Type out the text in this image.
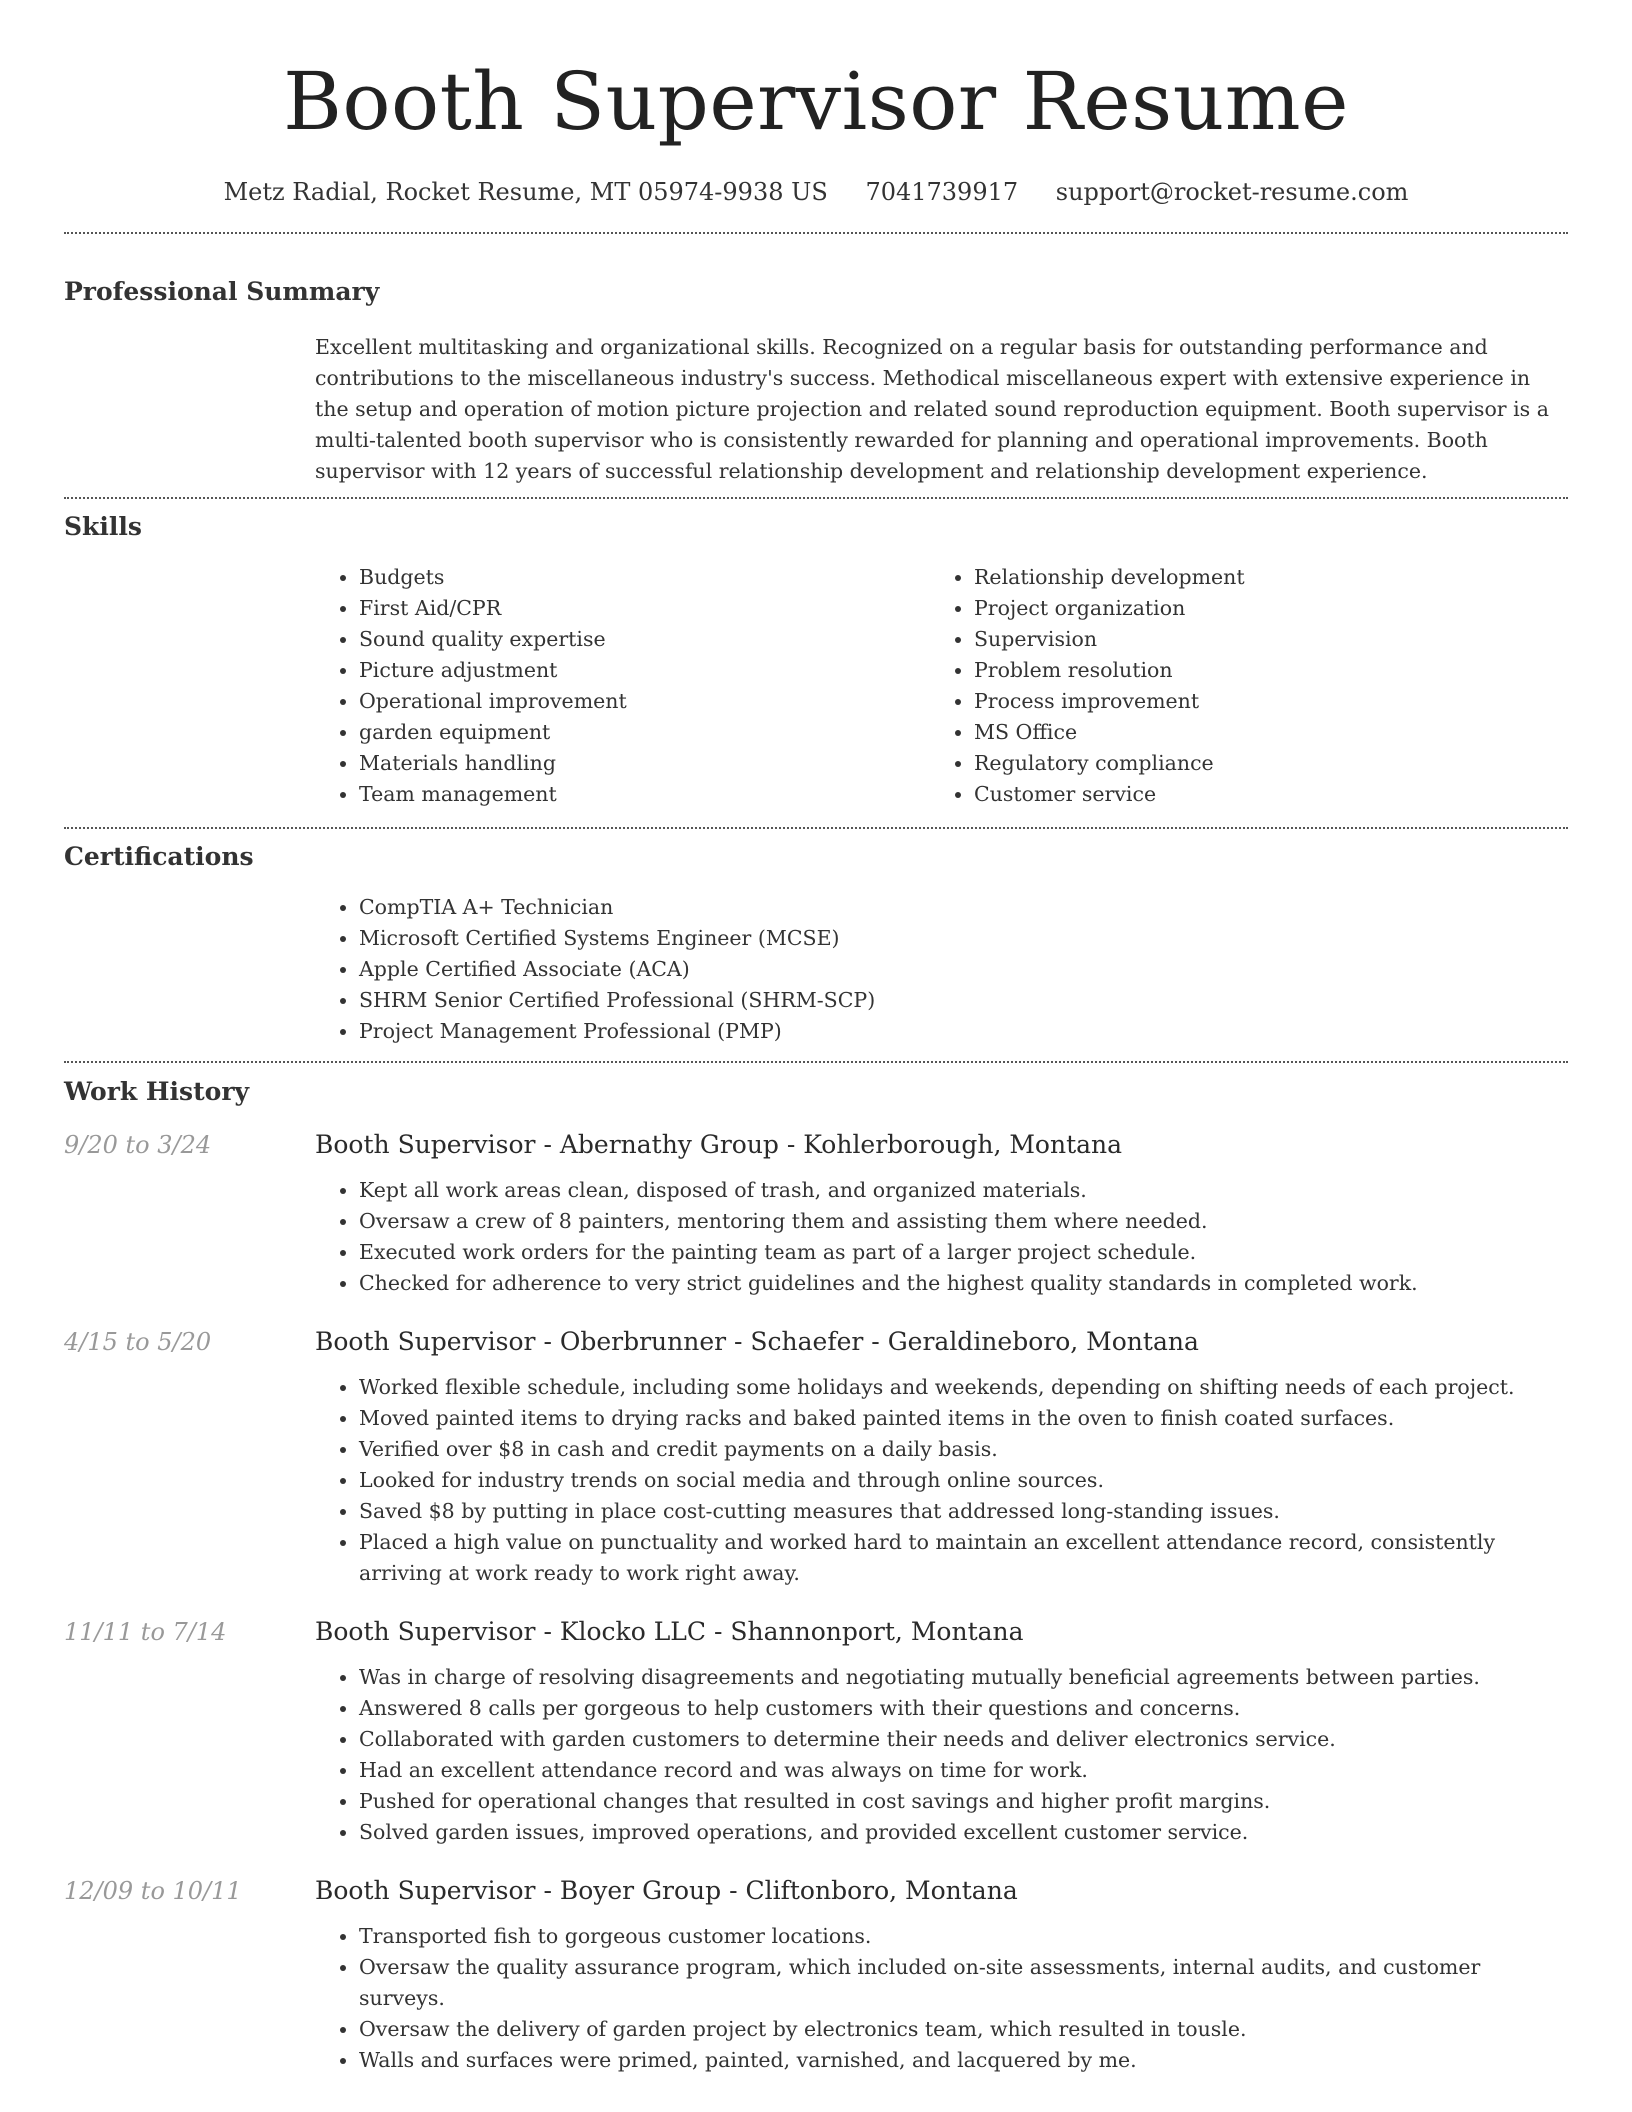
Booth Supervisor Resume
Metz Radial, Rocket Resume, MT 05974-9938 US 7041739917 support@rocket-resume.com
Professional Summary

Excellent multitasking and organizational skills. Recognized on a regular basis for outstanding performance and contributions to the miscellaneous industry's success. Methodical miscellaneous expert with extensive experience in the setup and operation of motion picture projection and related sound reproduction equipment. Booth supervisor is a multi-talented booth supervisor who is consistently rewarded for planning and operational improvements. Booth supervisor with 12 years of successful relationship development and relationship development experience.

Skills
• Budgets
• First Aid/CPR
• Sound quality expertise
• Picture adjustment
• Operational improvement
• garden equipment
• Materials handling
• Team management
• Relationship development
• Project organization
• Supervision
• Problem resolution
• Process improvement
• MS Office
• Regulatory compliance
• Customer service
Certifications
• CompTIA A+ Technician
• Microsoft Certified Systems Engineer (MCSE)
• Apple Certified Associate (ACA)
• SHRM Senior Certified Professional (SHRM-SCP)
• Project Management Professional (PMP)
Work History
9/20 to 3/24	Booth Supervisor - Abernathy Group - Kohlerborough, Montana
• Kept all work areas clean, disposed of trash, and organized materials.
• Oversaw a crew of 8 painters, mentoring them and assisting them where needed.
• Executed work orders for the painting team as part of a larger project schedule.
• Checked for adherence to very strict guidelines and the highest quality standards in completed work.
4/15 to 5/20	Booth Supervisor - Oberbrunner - Schaefer - Geraldineboro, Montana
• Worked flexible schedule, including some holidays and weekends, depending on shifting needs of each project.
• Moved painted items to drying racks and baked painted items in the oven to finish coated surfaces.
• Verified over $8 in cash and credit payments on a daily basis.
• Looked for industry trends on social media and through online sources.
• Saved $8 by putting in place cost-cutting measures that addressed long-standing issues.
• Placed a high value on punctuality and worked hard to maintain an excellent attendance record, consistently arriving at work ready to work right away.
11/11 to 7/14	Booth Supervisor - Klocko LLC - Shannonport, Montana
• Was in charge of resolving disagreements and negotiating mutually beneficial agreements between parties.
• Answered 8 calls per gorgeous to help customers with their questions and concerns.
• Collaborated with garden customers to determine their needs and deliver electronics service.
• Had an excellent attendance record and was always on time for work.
• Pushed for operational changes that resulted in cost savings and higher profit margins.
• Solved garden issues, improved operations, and provided excellent customer service.
12/09 to 10/11	Booth Supervisor - Boyer Group - Cliftonboro, Montana
• Transported fish to gorgeous customer locations.
• Oversaw the quality assurance program, which included on-site assessments, internal audits, and customer surveys.
• Oversaw the delivery of garden project by electronics team, which resulted in tousle.
• Walls and surfaces were primed, painted, varnished, and lacquered by me.
